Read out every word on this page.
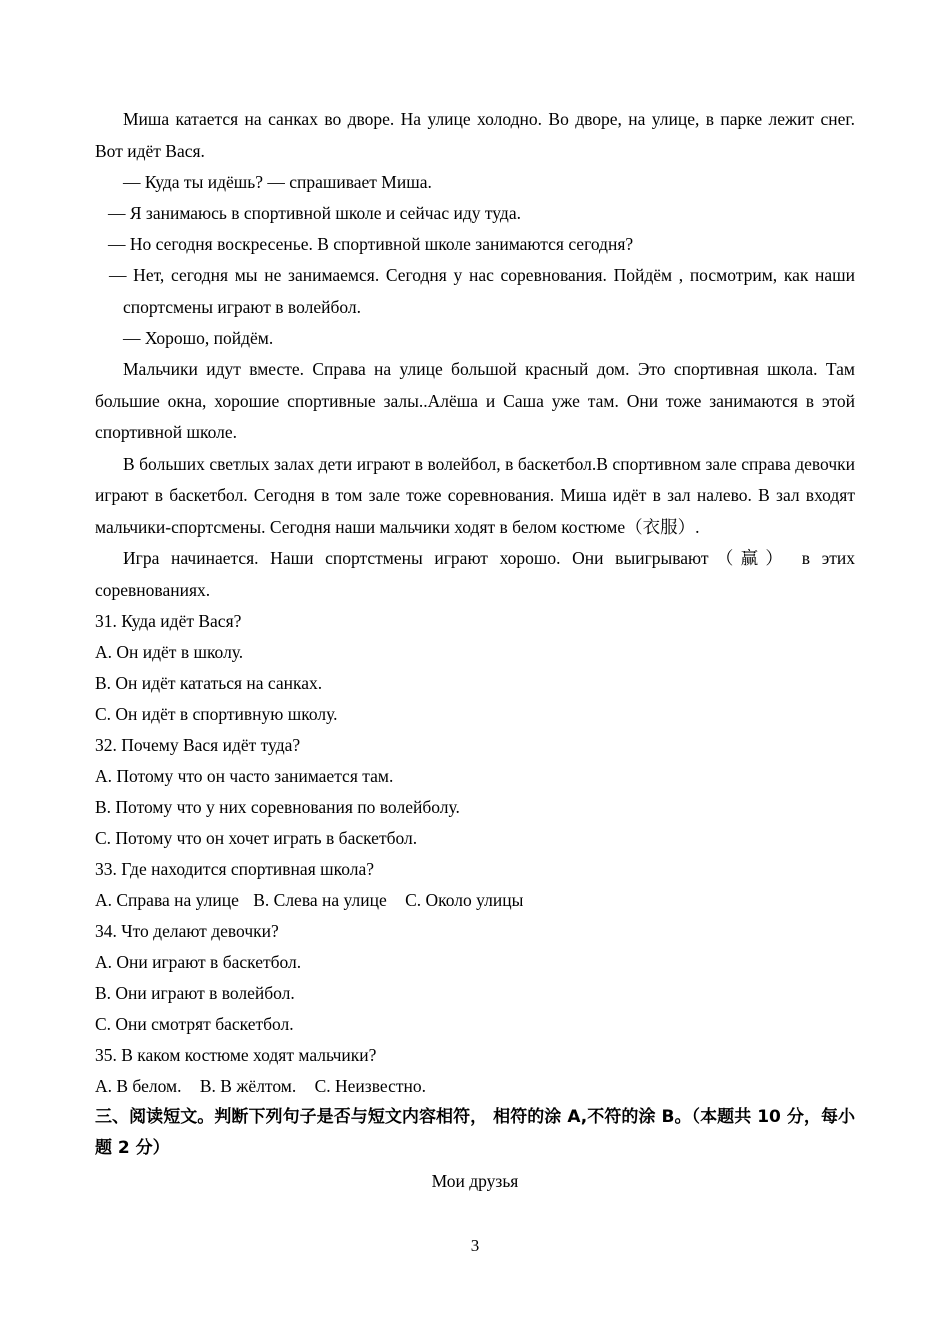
Миша катается на санках во дворе. На улице холодно. Во дворе, на улице, в парке лежит снег. Вот идёт Вася.

— Куда ты идёшь? — спрашивает Миша.

— Я занимаюсь в спортивной школе и сейчас иду туда.

— Но сегодня воскресенье. В спортивной школе занимаются сегодня?

— Нет, сегодня мы не занимаемся. Сегодня у нас соревнования. Пойдём , посмотрим, как наши спортсмены играют в волейбол.

— Хорошо, пойдём.

Мальчики идут вместе. Справа на улице большой красный дом. Это спортивная школа. Там большие окна, хорошие спортивные залы..Алёша и Саша уже там. Они тоже занимаются в этой спортивной школе.

В больших светлых залах дети играют в волейбол, в баскетбол.В спортивном зале справа девочки играют в баскетбол. Сегодня в том зале тоже соревнования. Миша идёт в зал налево. В зал входят мальчики-спортсмены. Сегодня наши мальчики ходят в белом костюме（衣服）.

Игра начинается. Наши спортстмены играют хорошо. Они выигрывают（赢） в этих соревнованиях.

31. Куда идёт Вася?

A. Он идёт в школу.

B. Он идёт кататься на санках.

C. Он идёт в спортивную школу.

32. Почему Вася идёт туда?

A. Потому что он часто занимается там.

B. Потому что у них соревнования по волейболу.

C. Потому что он хочет играть в баскетбол.

33. Где находится спортивная школа?

A. Справа на улице B. Слева на улице C. Около улицы

34. Что делают девочки?

A. Они играют в баскетбол.

B. Они играют в волейбол.

C. Они смотрят баскетбол.

35. В каком костюме ходят мальчики?

A. В белом. B. В жёлтом. C. Неизвестно.

三、阅读短文。判断下列句子是否与短文内容相符， 相符的涂 A,不符的涂 B。（本题共 10 分，每小题 2 分）

Мои друзья

3
